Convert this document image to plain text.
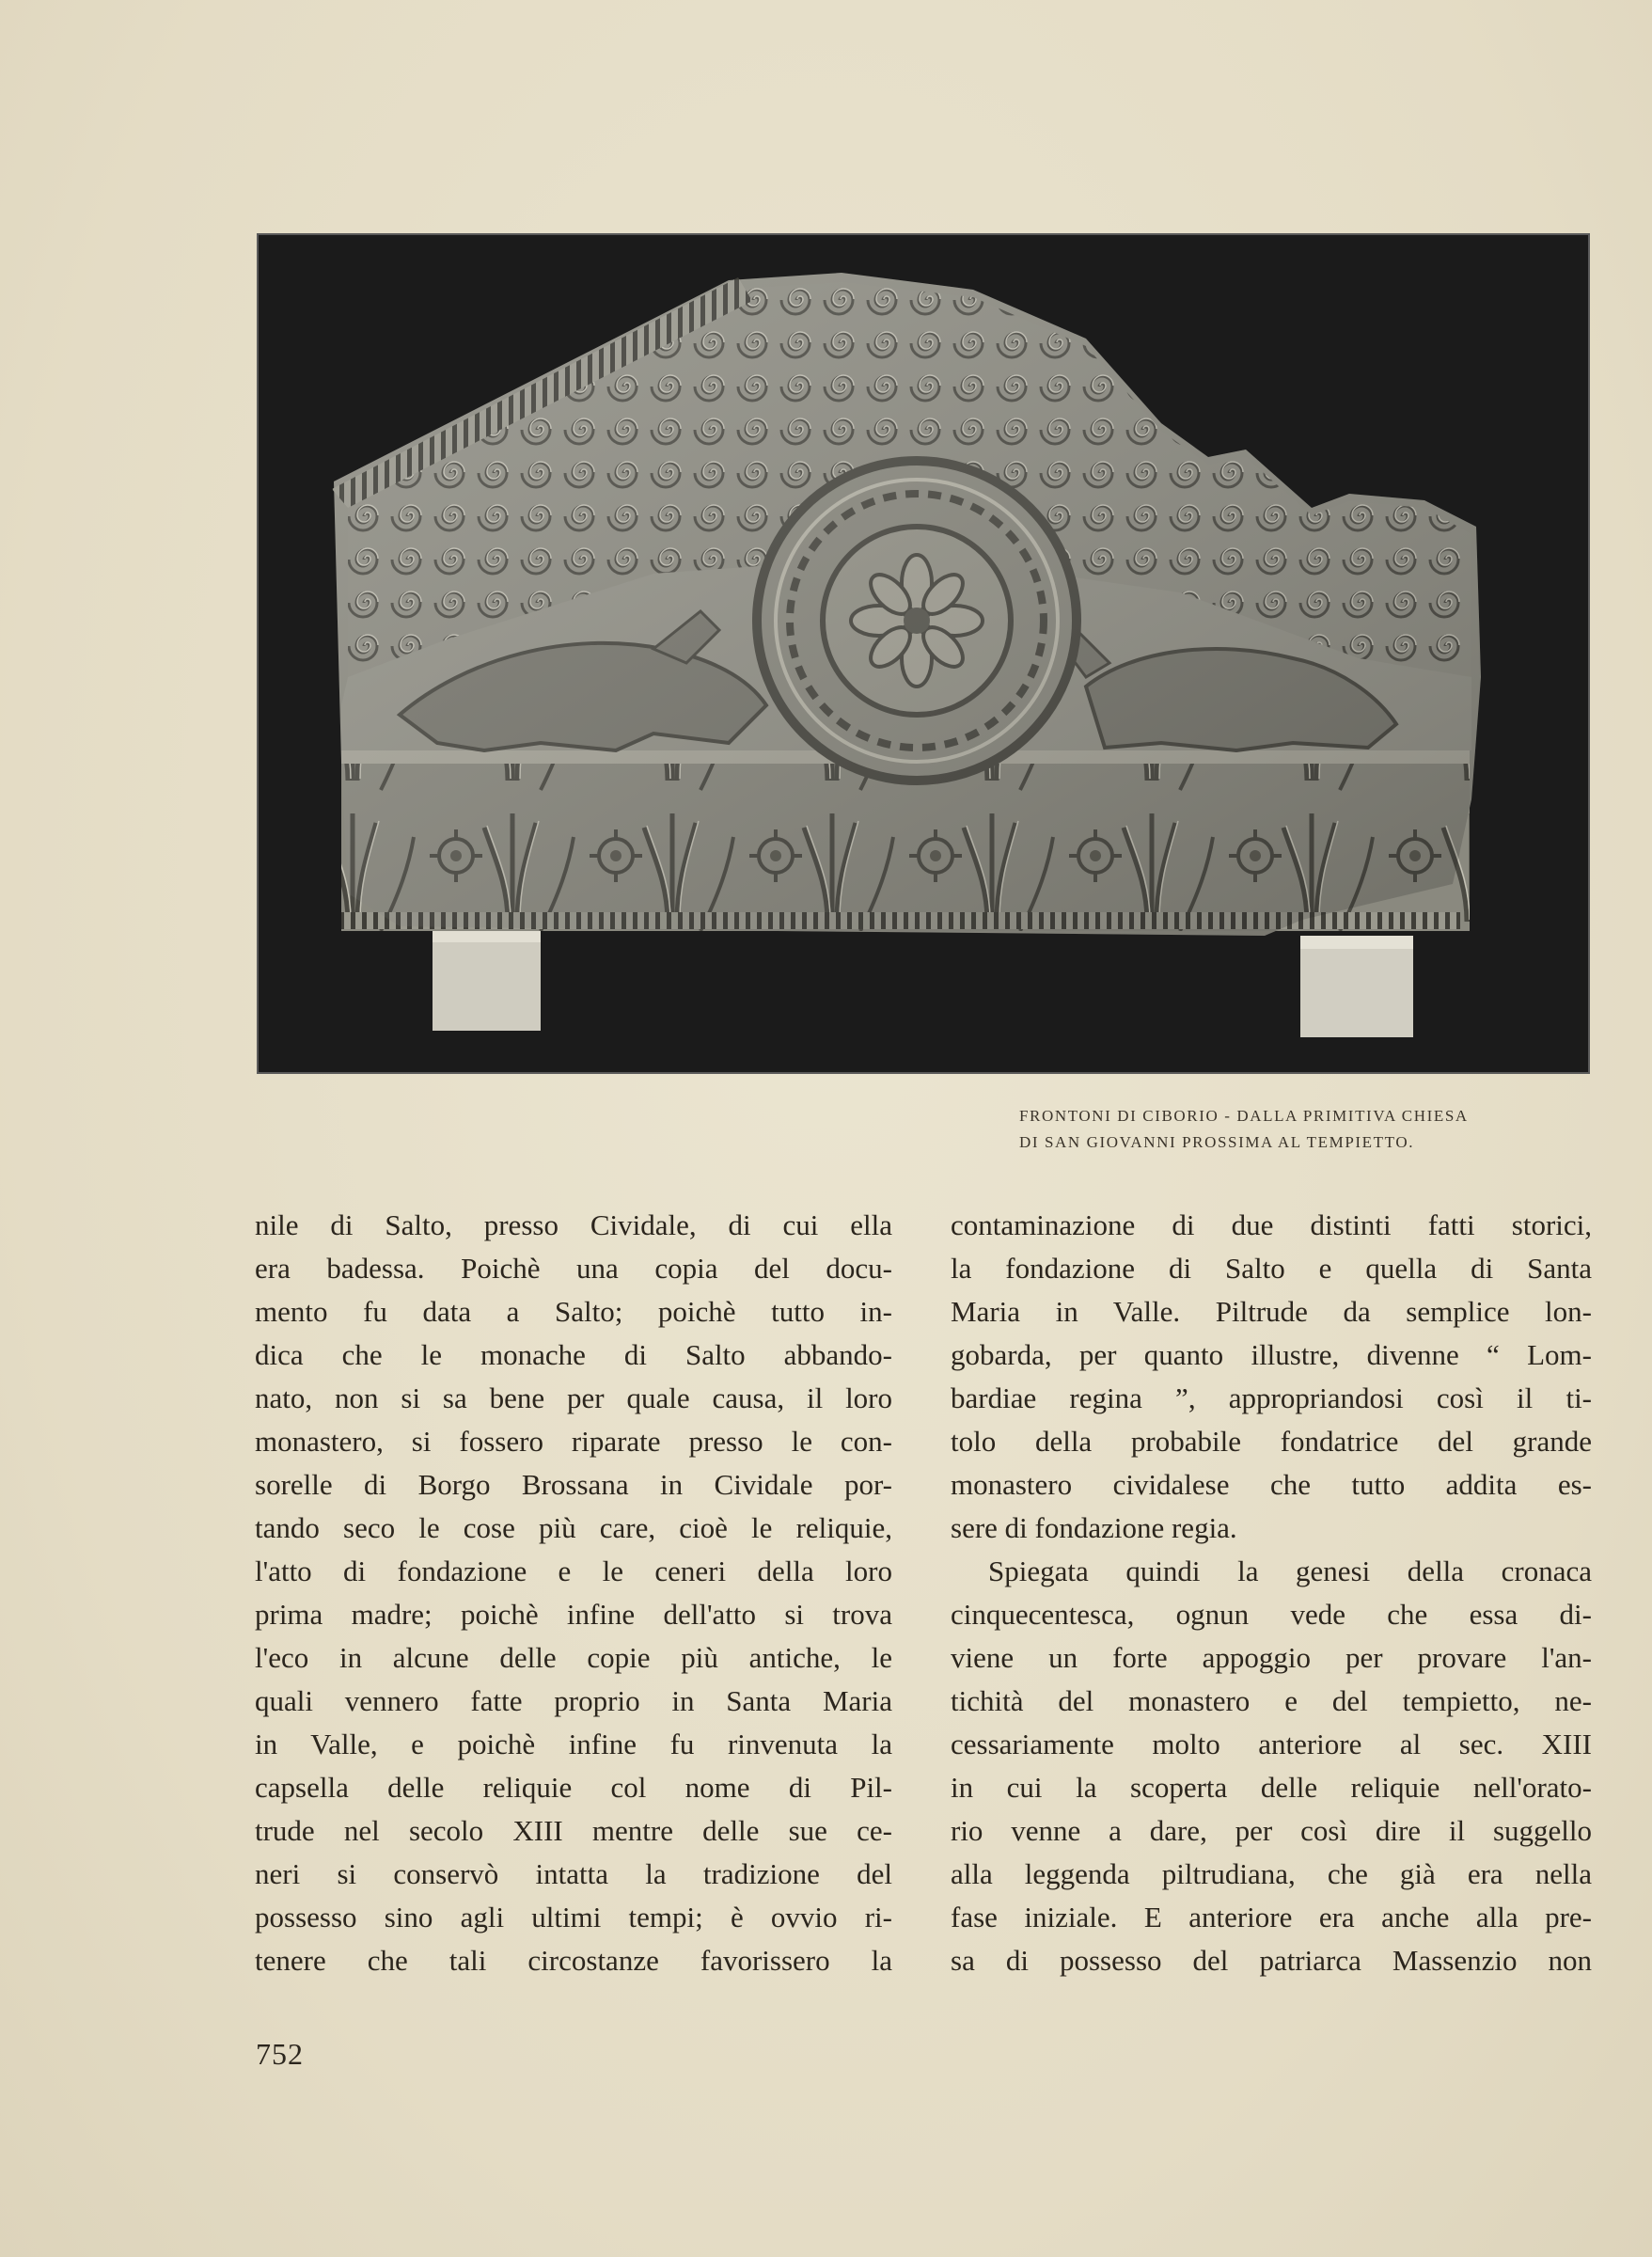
FRONTONI DI CIBORIO - DALLA PRIMITIVA CHIESA
DI SAN GIOVANNI PROSSIMA AL TEMPIETTO.
nile di Salto, presso Cividale, di cui ella
era badessa. Poichè una copia del docu-
mento fu data a Salto; poichè tutto in-
dica che le monache di Salto abbando-
nato, non si sa bene per quale causa, il loro
monastero, si fossero riparate presso le con-
sorelle di Borgo Brossana in Cividale por-
tando seco le cose più care, cioè le reliquie,
l'atto di fondazione e le ceneri della loro
prima madre; poichè infine dell'atto si trova
l'eco in alcune delle copie più antiche, le
quali vennero fatte proprio in Santa Maria
in Valle, e poichè infine fu rinvenuta la
capsella delle reliquie col nome di Pil-
trude nel secolo XIII mentre delle sue ce-
neri si conservò intatta la tradizione del
possesso sino agli ultimi tempi; è ovvio ri-
tenere che tali circostanze favorissero la
contaminazione di due distinti fatti storici,
la fondazione di Salto e quella di Santa
Maria in Valle. Piltrude da semplice lon-
gobarda, per quanto illustre, divenne “ Lom-
bardiae regina ”, appropriandosi così il ti-
tolo della probabile fondatrice del grande
monastero cividalese che tutto addita es-
sere di fondazione regia.
Spiegata quindi la genesi della cronaca
cinquecentesca, ognun vede che essa di-
viene un forte appoggio per provare l'an-
tichità del monastero e del tempietto, ne-
cessariamente molto anteriore al sec. XIII
in cui la scoperta delle reliquie nell'orato-
rio venne a dare, per così dire il suggello
alla leggenda piltrudiana, che già era nella
fase iniziale. E anteriore era anche alla pre-
sa di possesso del patriarca Massenzio non
752
